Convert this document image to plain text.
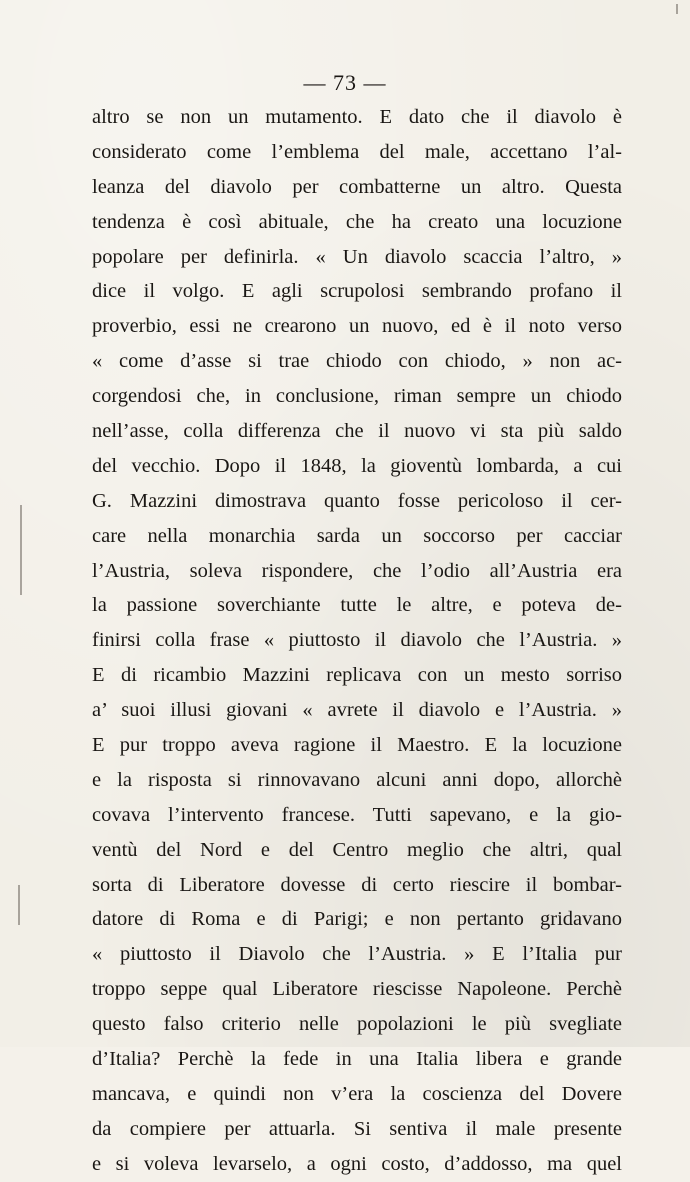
— 73 —
altro se non un mutamento. E dato che il diavolo è
considerato come l’emblema del male, accettano l’al-
leanza del diavolo per combatterne un altro. Questa
tendenza è così abituale, che ha creato una locuzione
popolare per definirla. « Un diavolo scaccia l’altro, »
dice il volgo. E agli scrupolosi sembrando profano il
proverbio, essi ne crearono un nuovo, ed è il noto verso
« come d’asse si trae chiodo con chiodo, » non ac-
corgendosi che, in conclusione, riman sempre un chiodo
nell’asse, colla differenza che il nuovo vi sta più saldo
del vecchio. Dopo il 1848, la gioventù lombarda, a cui
G. Mazzini dimostrava quanto fosse pericoloso il cer-
care nella monarchia sarda un soccorso per cacciar
l’Austria, soleva rispondere, che l’odio all’Austria era
la passione soverchiante tutte le altre, e poteva de-
finirsi colla frase « piuttosto il diavolo che l’Austria. »
E di ricambio Mazzini replicava con un mesto sorriso
a’ suoi illusi giovani « avrete il diavolo e l’Austria. »
E pur troppo aveva ragione il Maestro. E la locuzione
e la risposta si rinnovavano alcuni anni dopo, allorchè
covava l’intervento francese. Tutti sapevano, e la gio-
ventù del Nord e del Centro meglio che altri, qual
sorta di Liberatore dovesse di certo riescire il bombar-
datore di Roma e di Parigi; e non pertanto gridavano
« piuttosto il Diavolo che l’Austria. » E l’Italia pur
troppo seppe qual Liberatore riescisse Napoleone. Perchè
questo falso criterio nelle popolazioni le più svegliate
d’Italia? Perchè la fede in una Italia libera e grande
mancava, e quindi non v’era la coscienza del Dovere
da compiere per attuarla. Si sentiva il male presente
e si voleva levarselo, a ogni costo, d’addosso, ma quel
